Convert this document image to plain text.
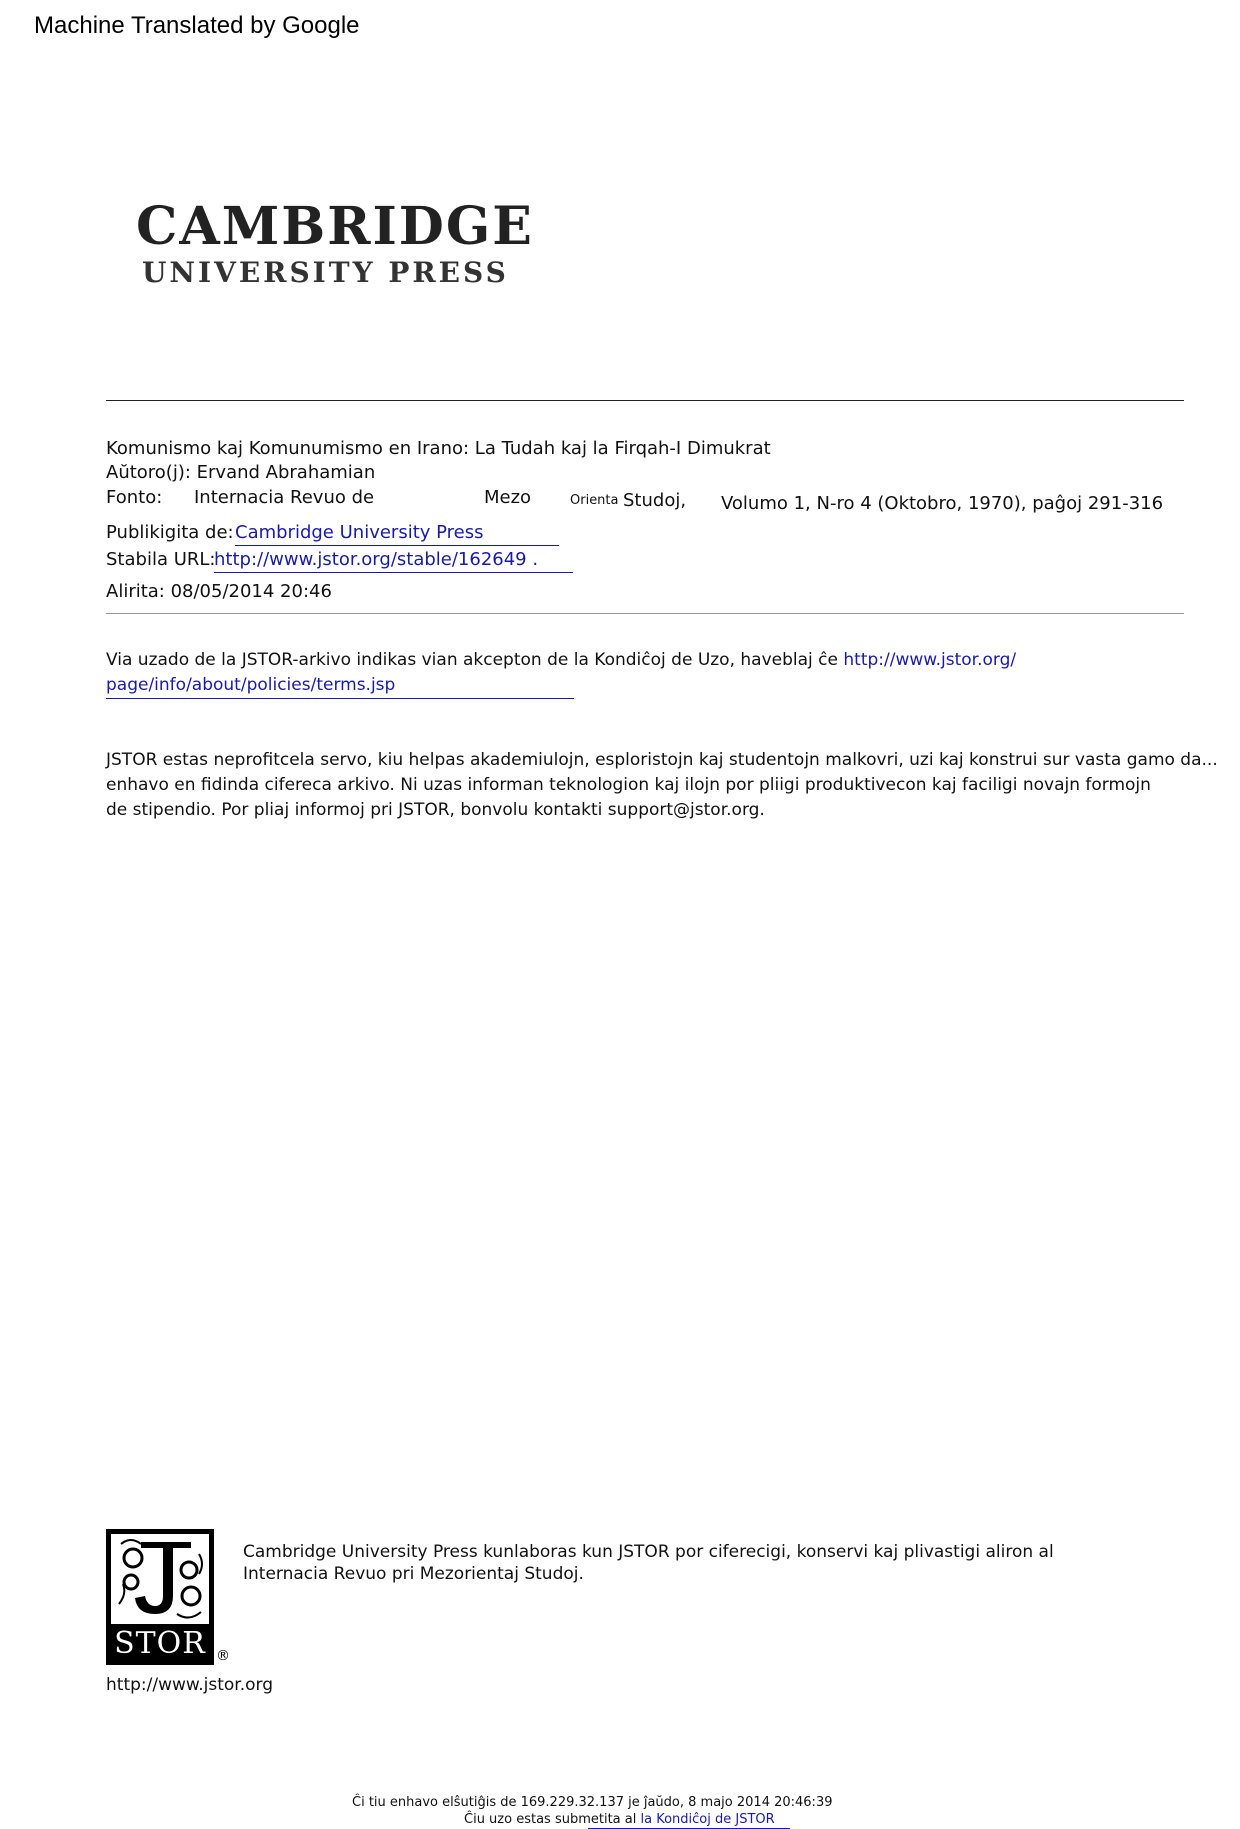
Machine Translated by Google
CAMBRIDGE
UNIVERSITY PRESS
Komunismo kaj Komunumismo en Irano: La Tudah kaj la Firqah-I Dimukrat
Aŭtoro(j): Ervand Abrahamian
Fonto: Internacia Revuo de	Mezo	Orienta Studoj, Volumo 1, N-ro 4 (Oktobro, 1970), paĝoj 291-316
Publikigita de: Cambridge University Press
Stabila URL:
http://www.jstor.org/stable/162649 .
Alirita: 08/05/2014 20:46
Via uzado de la JSTOR-arkivo indikas vian akcepton de la Kondiĉoj de Uzo, haveblaj ĉe http://www.jstor.org/
page/info/about/policies/terms.jsp
JSTOR estas neprofitcela servo, kiu helpas akademiulojn, esploristojn kaj studentojn malkovri, uzi kaj konstrui sur vasta gamo da...
enhavo en fidinda cifereca arkivo. Ni uzas informan teknologion kaj ilojn por pliigi produktivecon kaj faciligi novajn formojn
de stipendio. Por pliaj informoj pri JSTOR, bonvolu kontakti support@jstor.org.
STOR ®
Cambridge University Press kunlaboras kun JSTOR por ciferecigi, konservi kaj plivastigi aliron al
Internacia Revuo pri Mezorientaj Studoj.
http://www.jstor.org
Ĉi tiu enhavo elŝutiĝis de 169.229.32.137 je ĵaŭdo, 8 majo 2014 20:46:39
Ĉiu uzo estas submetita al la Kondiĉoj de JSTOR
